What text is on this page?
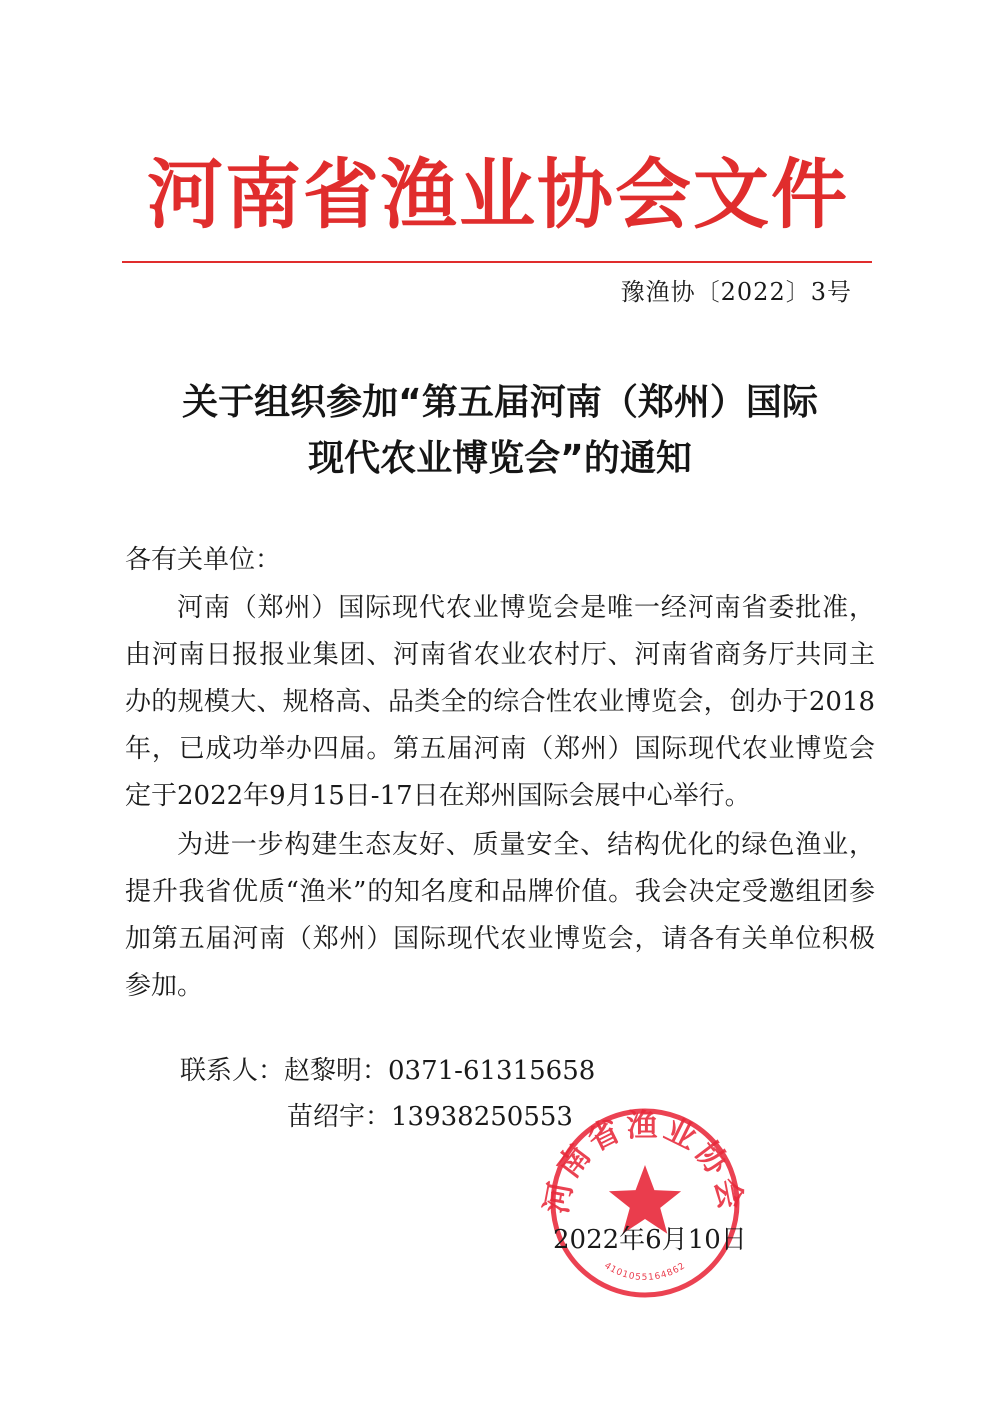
河南省渔业协会文件
豫渔协〔2022〕3号
关于组织参加“第五届河南（郑州）国际
现代农业博览会”的通知
各有关单位：

河南（郑州）国际现代农业博览会是唯一经河南省委批准，由河南日报报业集团、河南省农业农村厅、河南省商务厅共同主办的规模大、规格高、品类全的综合性农业博览会，创办于2018年，已成功举办四届。第五届河南（郑州）国际现代农业博览会定于2022年9月15日-17日在郑州国际会展中心举行。

为进一步构建生态友好、质量安全、结构优化的绿色渔业，提升我省优质“渔米”的知名度和品牌价值。我会决定受邀组团参加第五届河南（郑州）国际现代农业博览会，请各有关单位积极参加。

联系人：赵黎明：0371-61315658
苗绍宇：13938250553
河南省渔业协会
4101055164862
2022年6月10日
